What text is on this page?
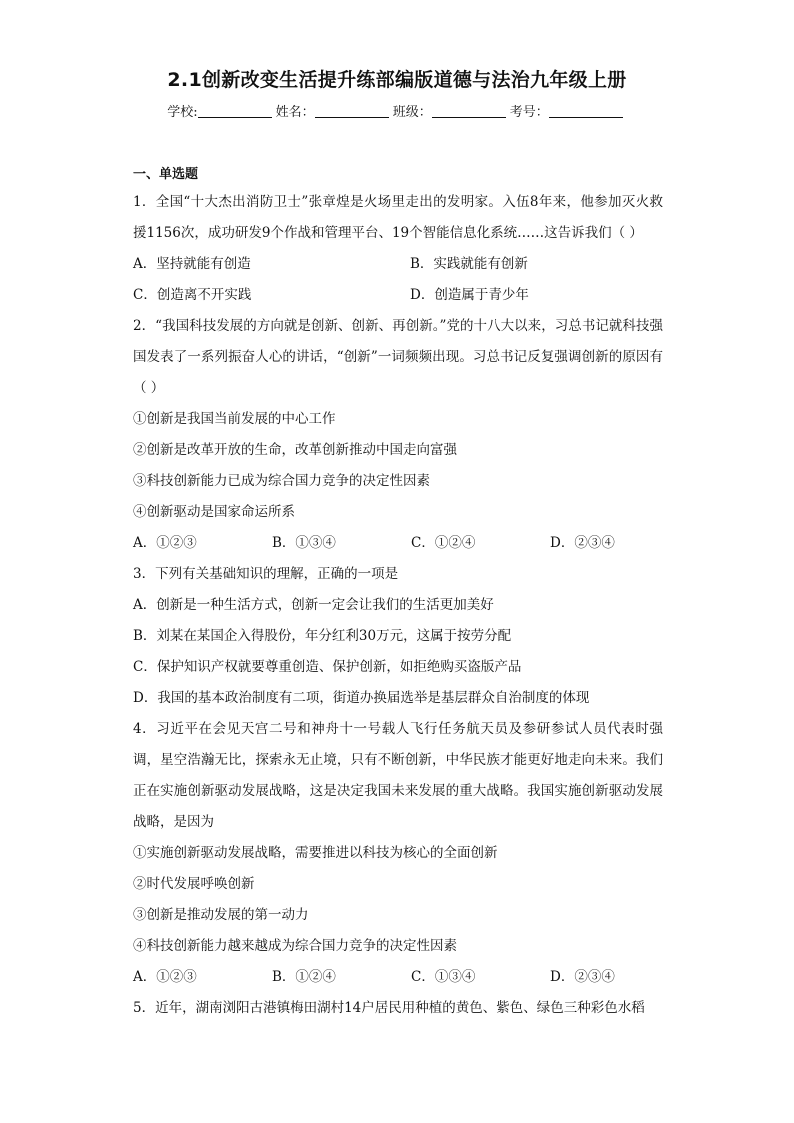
2.1创新改变生活提升练部编版道德与法治九年级上册
学校:	姓名：	班级：	考号：
一、单选题

1．全国“十大杰出消防卫士”张章煌是火场里走出的发明家。入伍8年来，他参加灭火救援1156次，成功研发9个作战和管理平台、19个智能信息化系统……这告诉我们（ ）

A．坚持就能有创造	B．实践就能有创新
C．创造离不开实践	D．创造属于青少年

2．“我国科技发展的方向就是创新、创新、再创新。”党的十八大以来，习总书记就科技强国发表了一系列振奋人心的讲话，“创新”一词频频出现。习总书记反复强调创新的原因有（ ）

①创新是我国当前发展的中心工作
②创新是改革开放的生命，改革创新推动中国走向富强
③科技创新能力已成为综合国力竞争的决定性因素
④创新驱动是国家命运所系
A．①②③	B．①③④	C．①②④	D．②③④
3．下列有关基础知识的理解，正确的一项是
A．创新是一种生活方式，创新一定会让我们的生活更加美好
B．刘某在某国企入得股份，年分红利30万元，这属于按劳分配
C．保护知识产权就要尊重创造、保护创新，如拒绝购买盗版产品
D．我国的基本政治制度有二项，街道办换届选举是基层群众自治制度的体现

4．习近平在会见天宫二号和神舟十一号载人飞行任务航天员及参研参试人员代表时强调，星空浩瀚无比，探索永无止境，只有不断创新，中华民族才能更好地走向未来。我们正在实施创新驱动发展战略，这是决定我国未来发展的重大战略。我国实施创新驱动发展战略，是因为

①实施创新驱动发展战略，需要推进以科技为核心的全面创新
②时代发展呼唤创新
③创新是推动发展的第一动力
④科技创新能力越来越成为综合国力竞争的决定性因素
A．①②③	B．①②④	C．①③④	D．②③④
5．近年，湖南浏阳古港镇梅田湖村14户居民用种植的黄色、紫色、绿色三种彩色水稻
